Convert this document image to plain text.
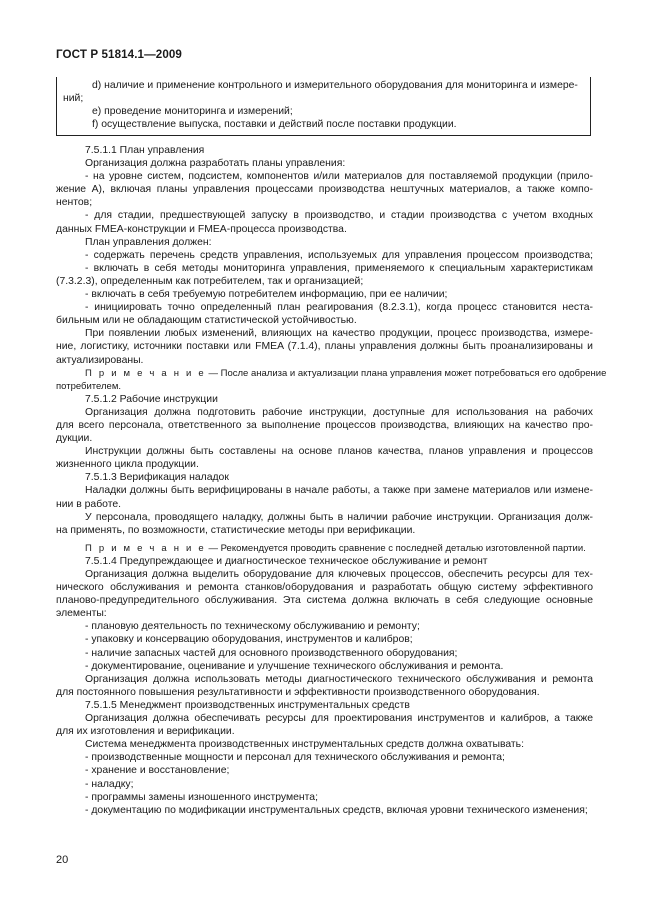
ГОСТ Р 51814.1—2009
d) наличие и применение контрольного и измерительного оборудования для мониторинга и измере-
ний;
e) проведение мониторинга и измерений;
f) осуществление выпуска, поставки и действий после поставки продукции.
7.5.1.1 План управления
Организация должна разработать планы управления:
- на уровне систем, подсистем, компонентов и/или материалов для поставляемой продукции (прило-
жение А), включая планы управления процессами производства нештучных материалов, а также компо-
нентов;
- для стадии, предшествующей запуску в производство, и стадии производства с учетом входных
данных FMEA-конструкции и FMEA-процесса производства.
План управления должен:
- содержать перечень средств управления, используемых для управления процессом производства;
- включать в себя методы мониторинга управления, применяемого к специальным характеристикам
(7.3.2.3), определенным как потребителем, так и организацией;
- включать в себя требуемую потребителем информацию, при ее наличии;
- инициировать точно определенный план реагирования (8.2.3.1), когда процесс становится неста-
бильным или не обладающим статистической устойчивостью.
При появлении любых изменений, влияющих на качество продукции, процесс производства, измере-
ние, логистику, источники поставки или FMEA (7.1.4), планы управления должны быть проанализированы и
актуализированы.
П р и м е ч а н и е — После анализа и актуализации плана управления может потребоваться его одобрение
потребителем.
7.5.1.2 Рабочие инструкции
Организация должна подготовить рабочие инструкции, доступные для использования на рабочих
для всего персонала, ответственного за выполнение процессов производства, влияющих на качество про-
дукции.
Инструкции должны быть составлены на основе планов качества, планов управления и процессов
жизненного цикла продукции.
7.5.1.3 Верификация наладок
Наладки должны быть верифицированы в начале работы, а также при замене материалов или измене-
нии в работе.
У персонала, проводящего наладку, должны быть в наличии рабочие инструкции. Организация долж-
на применять, по возможности, статистические методы при верификации.
П р и м е ч а н и е — Рекомендуется проводить сравнение с последней деталью изготовленной партии.
7.5.1.4 Предупреждающее и диагностическое техническое обслуживание и ремонт
Организация должна выделить оборудование для ключевых процессов, обеспечить ресурсы для тех-
нического обслуживания и ремонта станков/оборудования и разработать общую систему эффективного
планово-предупредительного обслуживания. Эта система должна включать в себя следующие основные
элементы:
- плановую деятельность по техническому обслуживанию и ремонту;
- упаковку и консервацию оборудования, инструментов и калибров;
- наличие запасных частей для основного производственного оборудования;
- документирование, оценивание и улучшение технического обслуживания и ремонта.
Организация должна использовать методы диагностического технического обслуживания и ремонта
для постоянного повышения результативности и эффективности производственного оборудования.
7.5.1.5 Менеджмент производственных инструментальных средств
Организация должна обеспечивать ресурсы для проектирования инструментов и калибров, а также
для их изготовления и верификации.
Система менеджмента производственных инструментальных средств должна охватывать:
- производственные мощности и персонал для технического обслуживания и ремонта;
- хранение и восстановление;
- наладку;
- программы замены изношенного инструмента;
- документацию по модификации инструментальных средств, включая уровни технического изменения;
20
